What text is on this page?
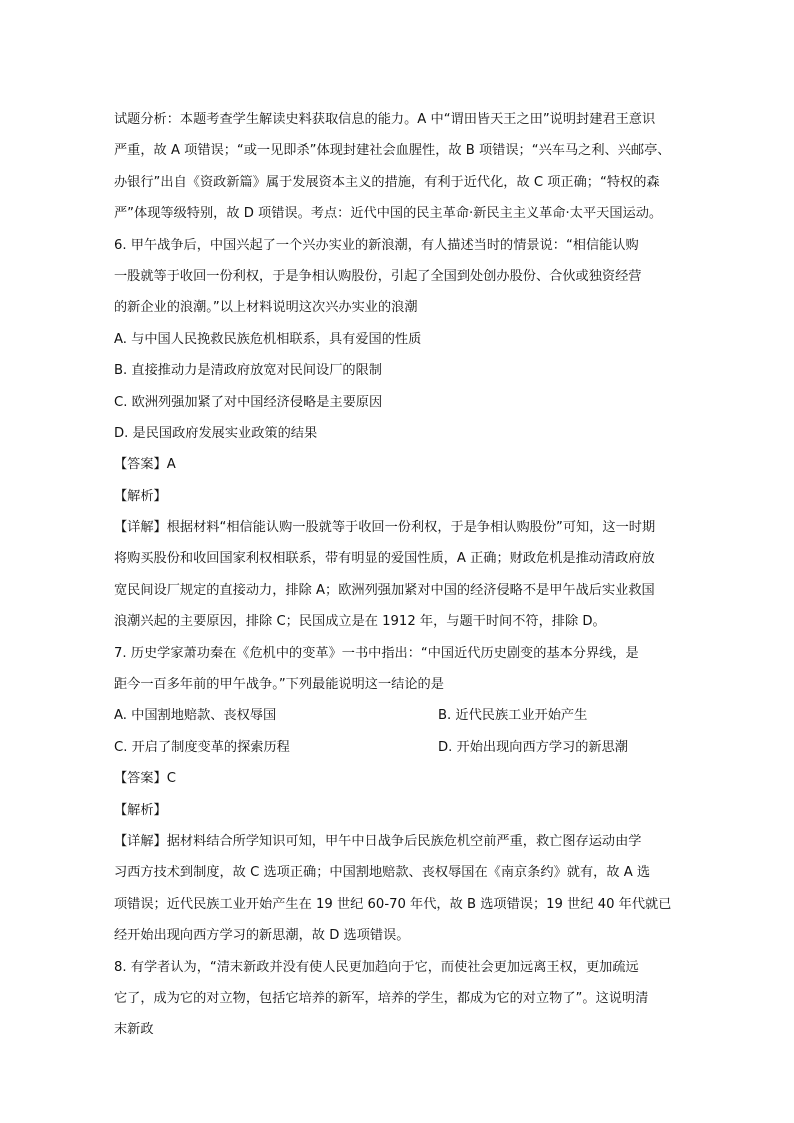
试题分析：本题考查学生解读史料获取信息的能力。A 中“谓田皆天王之田”说明封建君王意识
严重，故 A 项错误；“或一见即杀”体现封建社会血腥性，故 B 项错误；“兴车马之利、兴邮亭、
办银行”出自《资政新篇》属于发展资本主义的措施，有利于近代化，故 C 项正确；“特权的森
严”体现等级特别，故 D 项错误。考点：近代中国的民主革命·新民主主义革命·太平天国运动。
6. 甲午战争后，中国兴起了一个兴办实业的新浪潮，有人描述当时的情景说：“相信能认购
一股就等于收回一份利权，于是争相认购股份，引起了全国到处创办股份、合伙或独资经营
的新企业的浪潮。”以上材料说明这次兴办实业的浪潮
A. 与中国人民挽救民族危机相联系，具有爱国的性质
B. 直接推动力是清政府放宽对民间设厂的限制
C. 欧洲列强加紧了对中国经济侵略是主要原因
D. 是民国政府发展实业政策的结果
【答案】A
【解析】
【详解】根据材料“相信能认购一股就等于收回一份利权，于是争相认购股份”可知，这一时期
将购买股份和收回国家利权相联系，带有明显的爱国性质，A 正确；财政危机是推动清政府放
宽民间设厂规定的直接动力，排除 A；欧洲列强加紧对中国的经济侵略不是甲午战后实业救国
浪潮兴起的主要原因，排除 C；民国成立是在 1912 年，与题干时间不符，排除 D。
7. 历史学家萧功秦在《危机中的变革》一书中指出：“中国近代历史剧变的基本分界线，是
距今一百多年前的甲午战争。”下列最能说明这一结论的是
A. 中国割地赔款、丧权辱国	B. 近代民族工业开始产生
C. 开启了制度变革的探索历程	D. 开始出现向西方学习的新思潮
【答案】C
【解析】
【详解】据材料结合所学知识可知，甲午中日战争后民族危机空前严重，救亡图存运动由学
习西方技术到制度，故 C 选项正确；中国割地赔款、丧权辱国在《南京条约》就有，故 A 选
项错误；近代民族工业开始产生在 19 世纪 60-70 年代，故 B 选项错误；19 世纪 40 年代就已
经开始出现向西方学习的新思潮，故 D 选项错误。
8. 有学者认为，“清末新政并没有使人民更加趋向于它，而使社会更加远离王权，更加疏远
它了，成为它的对立物，包括它培养的新军，培养的学生，都成为它的对立物了”。这说明清
末新政
